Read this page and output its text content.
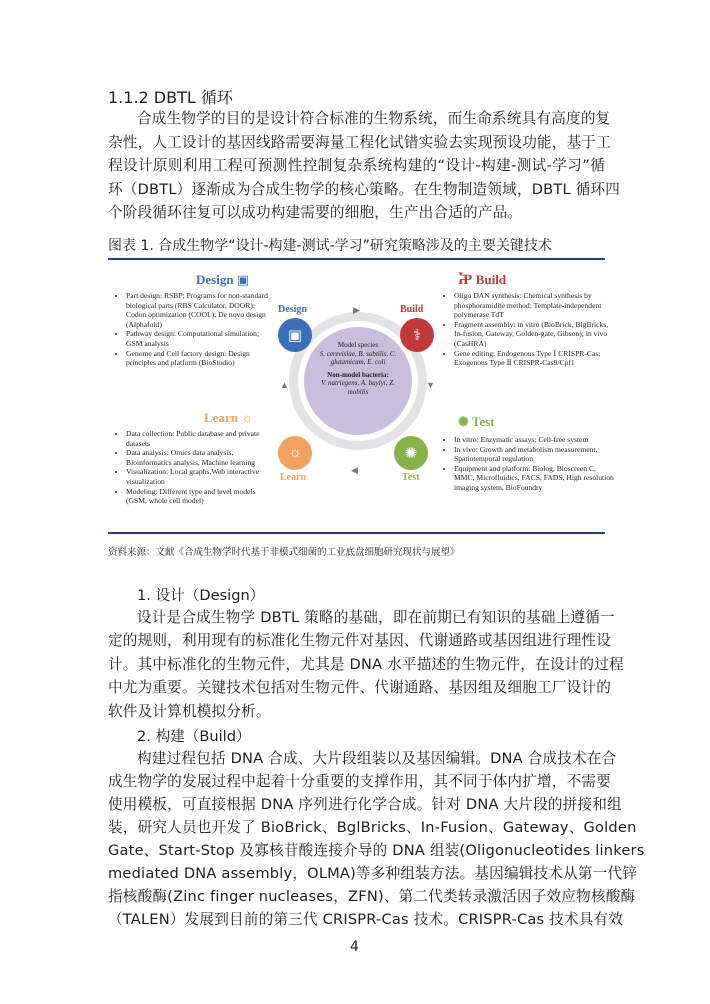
1.1.2 DBTL 循环
合成生物学的目的是设计符合标准的生物系统，而生命系统具有高度的复
杂性，人工设计的基因线路需要海量工程化试错实验去实现预设功能，基于工
程设计原则利用工程可预测性控制复杂系统构建的“设计-构建-测试-学习”循
环（DBTL）逐渐成为合成生物学的核心策略。在生物制造领域，DBTL 循环四
个阶段循环往复可以成功构建需要的细胞，生产出合适的产品。
图表 1. 合成生物学“设计-构建-测试-学习”研究策略涉及的主要关键技术
Design ▣
• Part design: RSBP; Programs for non-standard biological parts (RBS Calculator, DOOR); Codon optimization (COOL); De novo design (Alphafold)
• Pathway design: Computational simulation; GSM analysis
• Genome and Cell factory design: Design principles and platform (BioStudio)
Learn ☼
• Data collection: Public database and private datasets
• Data analysis: Omics data analysis, Bioinformatics analysis, Machine learning
• Visualization: Local graphs,Web interactive visualization
• Modeling: Different type and level models (GSM, whole cell model)
Ⴟ Build
• Oligo DAN synthesis: Chemical synthesis by phosphoramidite method; Template-independent polymerase TdT
• Fragment assembly: in vitro (BioBrick, BlgBricks, In-fusion, Gateway, Golden-gate, Gibson); in vivo (CasHRA)
• Gene editing: Endogenous Type Ⅰ CRISPR-Cas; Exogenous Type Ⅱ CRISPR-Cas9/Cpf1
✺ Test
• In vitro: Enzymatic assays; Cell-free system
• In vivo: Growth and metabolism measurement, Spatiotemporal regulation
• Equipment and platform: Biolog, Bioscreen C, MMC, Microfluidics, FACS, FADS, High resolution imaging system, BioFoundry
Model species
S. cerevisiae, B. subtilis, C. glutamicum, E. coli
Non-model bacteria:
V. natriegens, A. baylyi, Z. mobilis
Design
▣
Build
⚕
☼
Learn
✺
Test
▶
▼
◀
▲
资料来源：文献《合成生物学时代基于非模式细菌的工业底盘细胞研究现状与展望》
1. 设计（Design）
设计是合成生物学 DBTL 策略的基础，即在前期已有知识的基础上遵循一
定的规则，利用现有的标准化生物元件对基因、代谢通路或基因组进行理性设
计。其中标准化的生物元件，尤其是 DNA 水平描述的生物元件，在设计的过程
中尤为重要。关键技术包括对生物元件、代谢通路、基因组及细胞工厂设计的
软件及计算机模拟分析。
2. 构建（Build）
构建过程包括 DNA 合成、大片段组装以及基因编辑。DNA 合成技术在合
成生物学的发展过程中起着十分重要的支撑作用，其不同于体内扩增，不需要
使用模板，可直接根据 DNA 序列进行化学合成。针对 DNA 大片段的拼接和组
装，研究人员也开发了 BioBrick、BglBricks、In-Fusion、Gateway、Golden
Gate、Start-Stop 及寡核苷酸连接介导的 DNA 组装(Oligonucleotides linkers
mediated DNA assembly，OLMA)等多种组装方法。基因编辑技术从第一代锌
指核酸酶(Zinc finger nucleases，ZFN)、第二代类转录激活因子效应物核酸酶
（TALEN）发展到目前的第三代 CRISPR-Cas 技术。CRISPR-Cas 技术具有效
4
